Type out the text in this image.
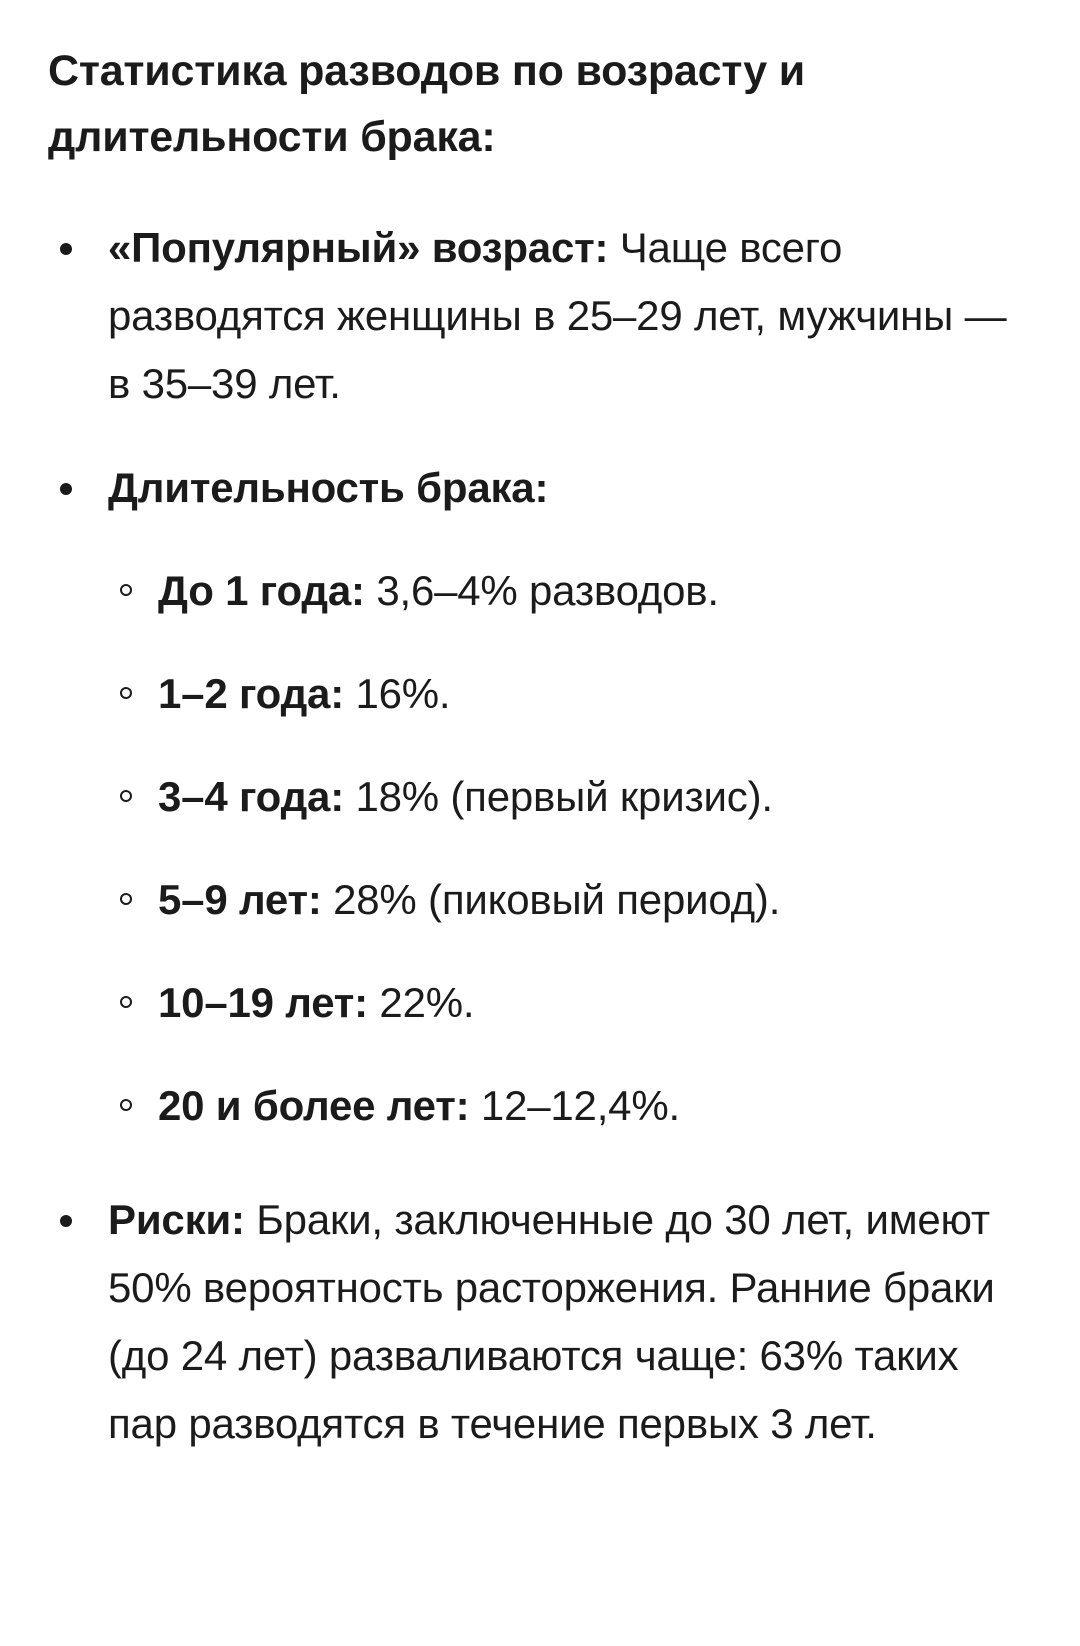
Статистика разводов по возрасту и длительности брака:
«Популярный» возраст: Чаще всего разводятся женщины в 25–29 лет, мужчины — в 35–39 лет.
Длительность брака:
До 1 года: 3,6–4% разводов.
1–2 года: 16%.
3–4 года: 18% (первый кризис).
5–9 лет: 28% (пиковый период).
10–19 лет: 22%.
20 и более лет: 12–12,4%.
Риски: Браки, заключенные до 30 лет, имеют 50% вероятность расторжения. Ранние браки (до 24 лет) разваливаются чаще: 63% таких пар разводятся в течение первых 3 лет.
